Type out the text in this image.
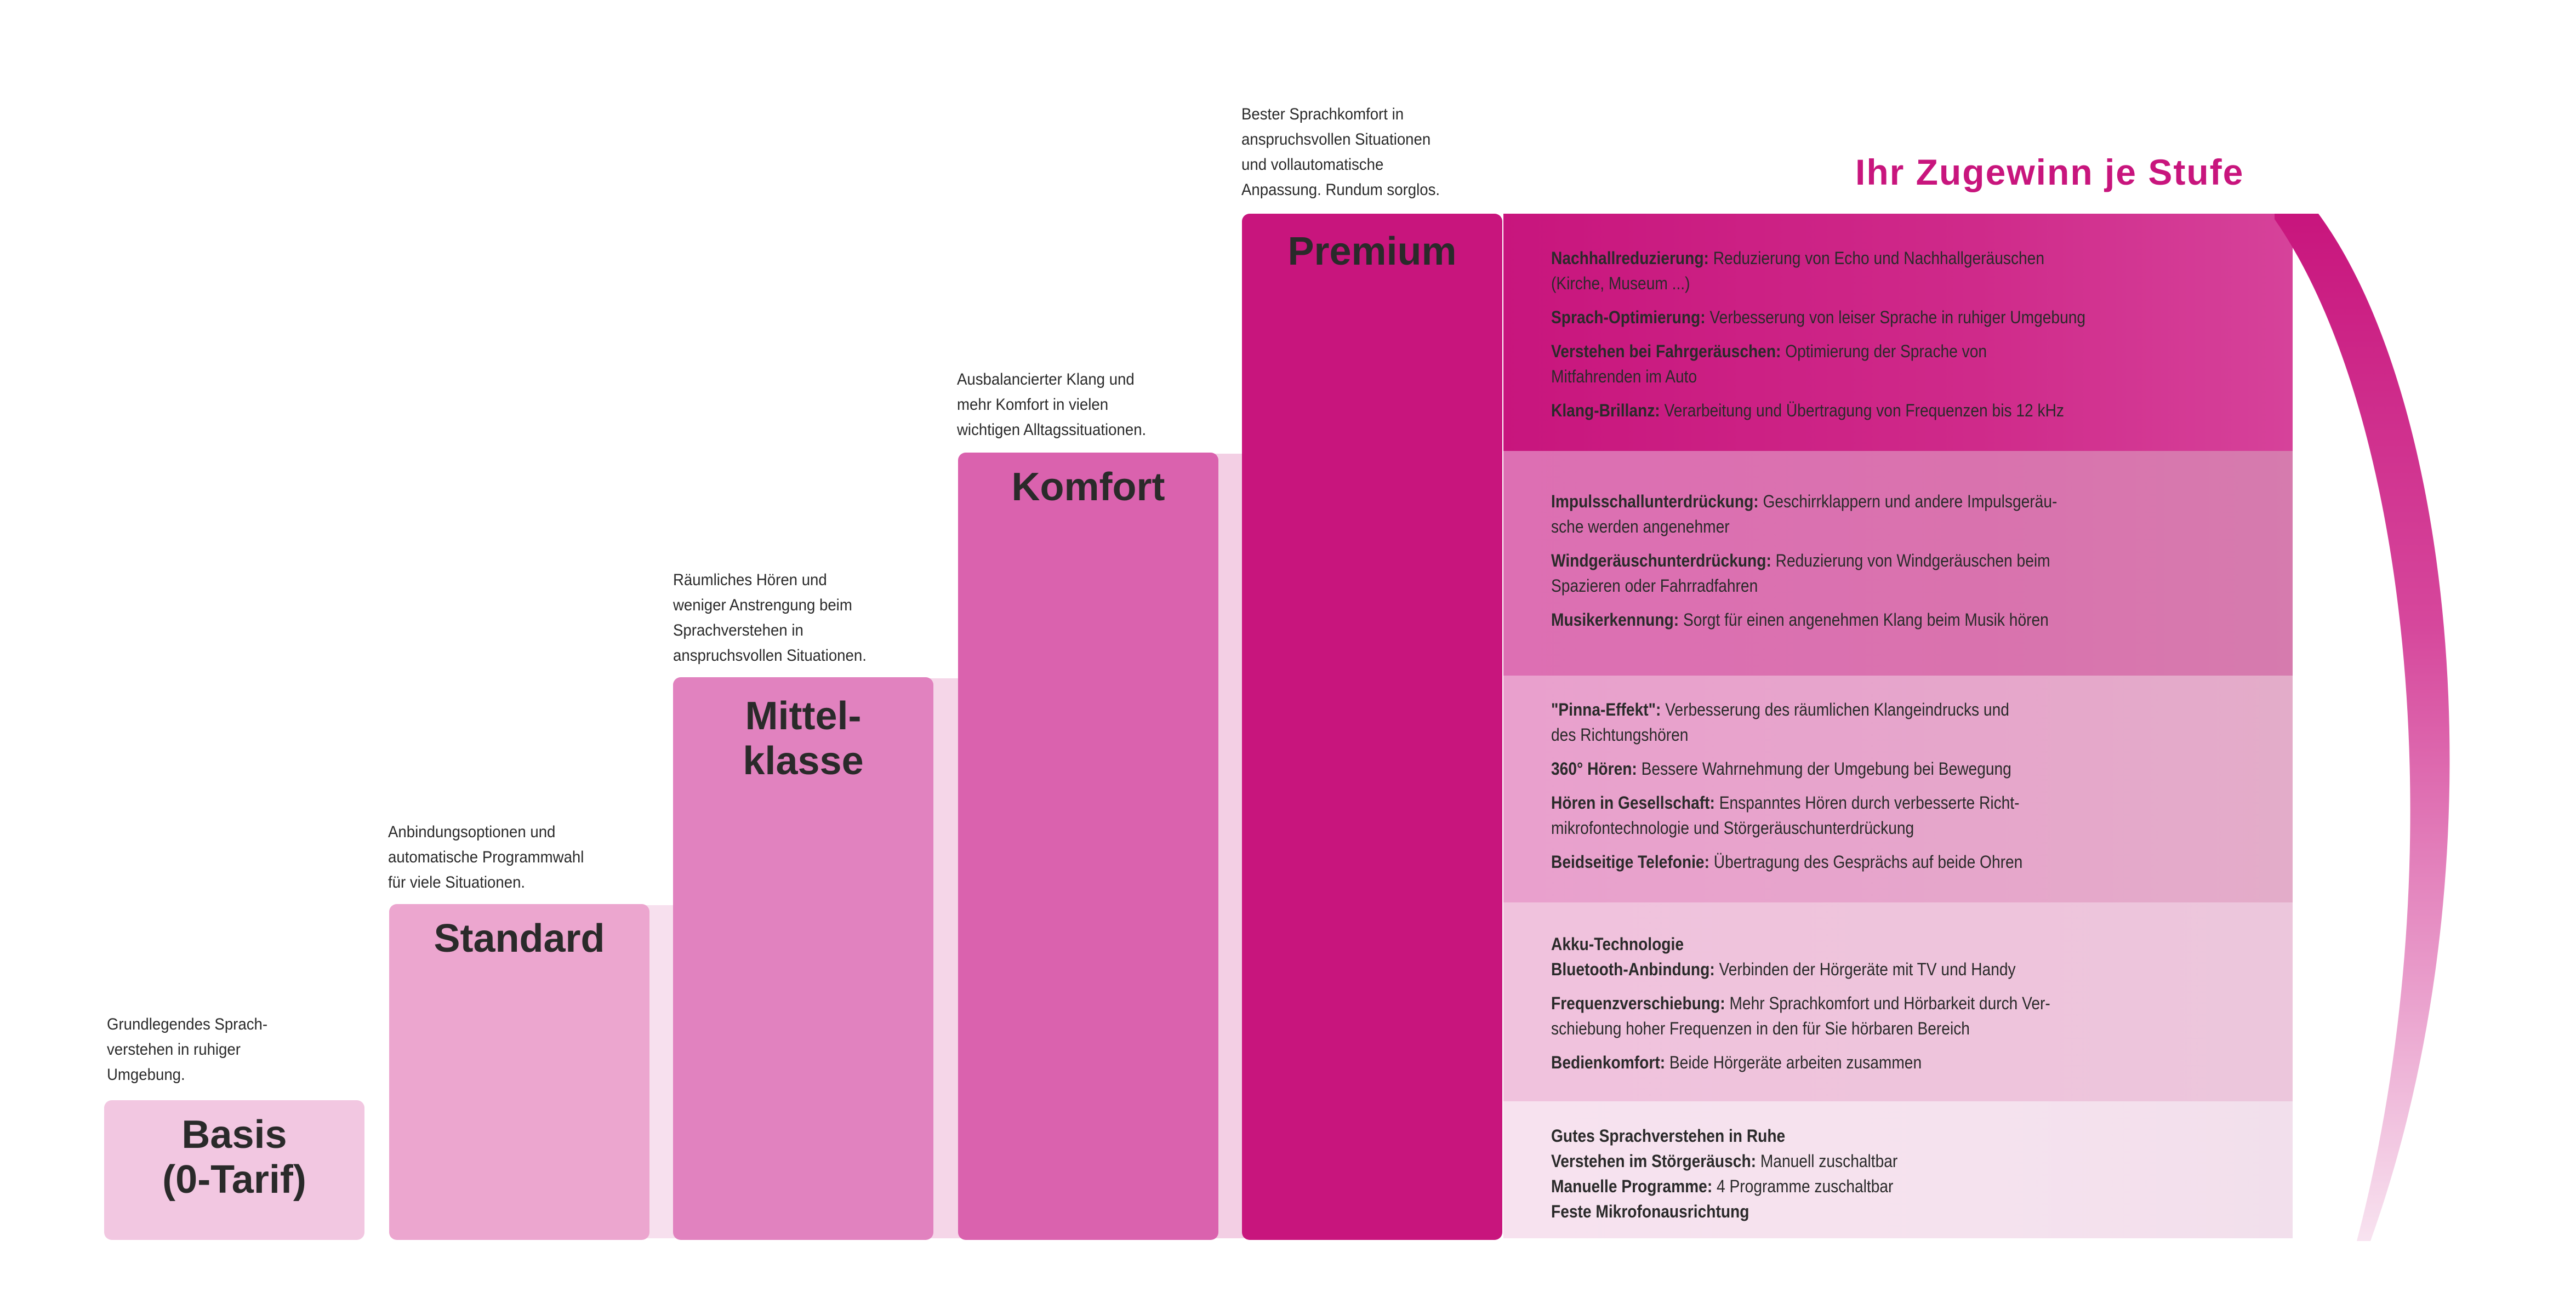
Basis
(0-Tarif)
Standard
Mittel-
klasse
Komfort
Premium
Grundlegendes Sprach-
verstehen in ruhiger
Umgebung.
Anbindungsoptionen und
automatische Programmwahl
für viele Situationen.
Räumliches Hören und
weniger Anstrengung beim
Sprachverstehen in
anspruchsvollen Situationen.
Ausbalancierter Klang und
mehr Komfort in vielen
wichtigen Alltagssituationen.
Bester Sprachkomfort in
anspruchsvollen Situationen
und vollautomatische
Anpassung. Rundum sorglos.	Ihr Zugewinn je Stufe
Nachhallreduzierung: Reduzierung von Echo und Nachhallgeräuschen
(Kirche, Museum ...)
Sprach-Optimierung: Verbesserung von leiser Sprache in ruhiger Umgebung
Verstehen bei Fahrgeräuschen: Optimierung der Sprache von
Mitfahrenden im Auto
Klang-Brillanz: Verarbeitung und Übertragung von Frequenzen bis 12 kHz
Impulsschallunterdrückung: Geschirrklappern und andere Impulsgeräu-
sche werden angenehmer
Windgeräuschunterdrückung: Reduzierung von Windgeräuschen beim
Spazieren oder Fahrradfahren
Musikerkennung: Sorgt für einen angenehmen Klang beim Musik hören
"Pinna-Effekt": Verbesserung des räumlichen Klangeindrucks und
des Richtungshören
360° Hören: Bessere Wahrnehmung der Umgebung bei Bewegung
Hören in Gesellschaft: Enspanntes Hören durch verbesserte Richt-
mikrofontechnologie und Störgeräuschunterdrückung
Beidseitige Telefonie: Übertragung des Gesprächs auf beide Ohren
Akku-Technologie
Bluetooth-Anbindung: Verbinden der Hörgeräte mit TV und Handy
Frequenzverschiebung: Mehr Sprachkomfort und Hörbarkeit durch Ver-
schiebung hoher Frequenzen in den für Sie hörbaren Bereich
Bedienkomfort: Beide Hörgeräte arbeiten zusammen
Gutes Sprachverstehen in Ruhe
Verstehen im Störgeräusch: Manuell zuschaltbar
Manuelle Programme: 4 Programme zuschaltbar
Feste Mikrofonausrichtung
